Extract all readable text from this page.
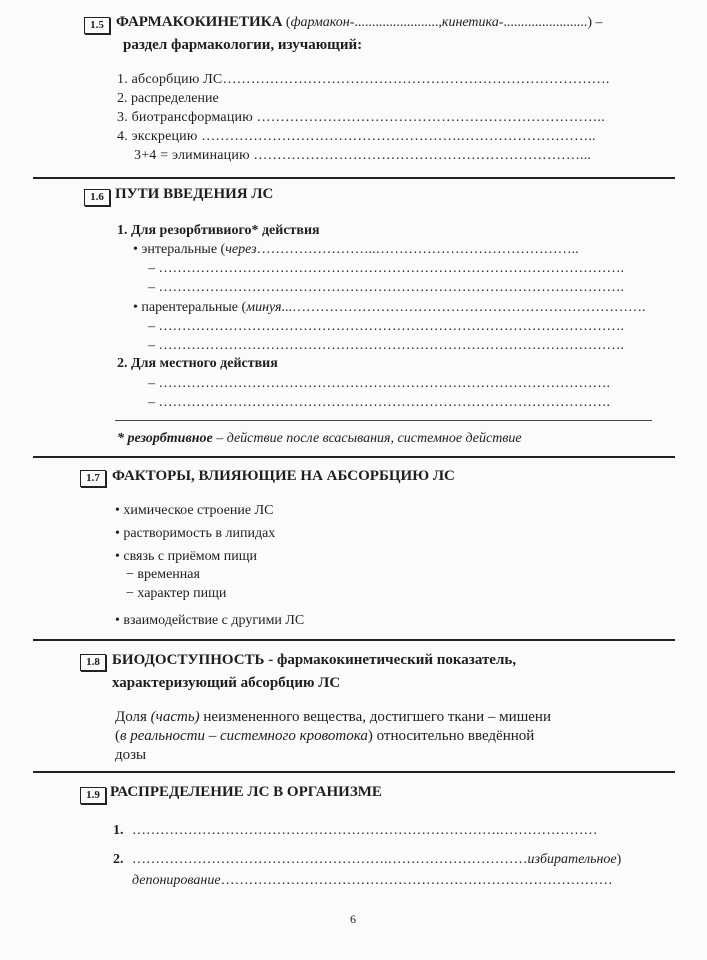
1.5 ФАРМАКОКИНЕТИКА (фармакон-........................,кинетика-........................) –
раздел фармакологии, изучающий:
1. абсорбцию ЛС……………………………………………………………………….
2. распределение
3. биотрансформацию ………………………………………………………………..
4. экскрецию ……………………………………………….………………………..
3+4 = элиминацию ……………………………………………………………...
1.6 ПУТИ ВВЕДЕНИЯ ЛС
1. Для резорбтивиого* действия
• энтеральные (через……………………..……………………………………..
– ……………………………………………………………………………………….
– ……………………………………………………………………………………….
• парентеральные (минуя...………………………………………………………………….
– ……………………………………………………………………………………….
– ……………………………………………………………………………………….
2. Для местного действия
– …………………………………………………………………………………….
– …………………………………………………………………………………….
* резорбтивное – действие после всасывания, системное действие
1.7 ФАКТОРЫ, ВЛИЯЮЩИЕ НА АБСОРБЦИЮ ЛС
• химическое строение ЛС
• растворимость в липидах
• связь с приёмом пищи
− временная
− характер пищи
• взаимодействие с другими ЛС
1.8 БИОДОСТУПНОСТЬ - фармакокинетический показатель,
характеризующий абсорбцию ЛС
Доля (часть) неизмененного вещества, достигшего ткани – мишени
(в реальности – системного кровотока) относительно введённой
дозы
1.9 РАСПРЕДЕЛЕНИЕ ЛС В ОРГАНИЗМЕ
1. …………………………………………………………………….…………………
2. ……………………………………………….…………………………избирательное)
депонирование…………………………………………………………………………
6
